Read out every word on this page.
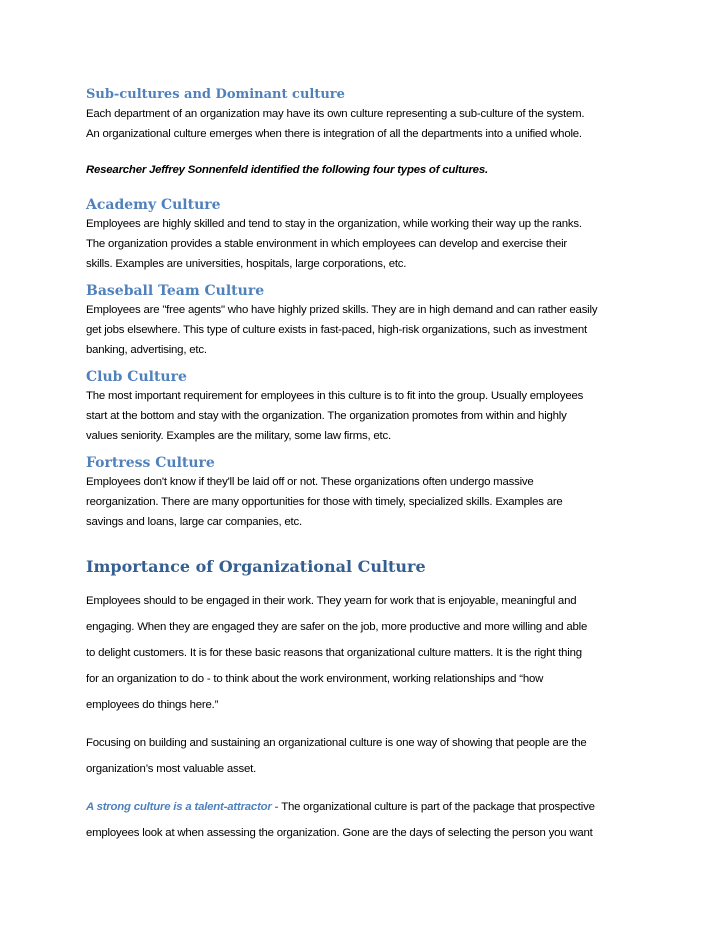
Sub-cultures and Dominant culture

Each department of an organization may have its own culture representing a sub-culture of the system.

An organizational culture emerges when there is integration of all the departments into a unified whole.

Researcher Jeffrey Sonnenfeld identified the following four types of cultures.

Academy Culture

Employees are highly skilled and tend to stay in the organization, while working their way up the ranks.

The organization provides a stable environment in which employees can develop and exercise their

skills. Examples are universities, hospitals, large corporations, etc.

Baseball Team Culture

Employees are "free agents" who have highly prized skills. They are in high demand and can rather easily

get jobs elsewhere. This type of culture exists in fast-paced, high-risk organizations, such as investment

banking, advertising, etc.

Club Culture

The most important requirement for employees in this culture is to fit into the group. Usually employees

start at the bottom and stay with the organization. The organization promotes from within and highly

values seniority. Examples are the military, some law firms, etc.

Fortress Culture

Employees don't know if they'll be laid off or not. These organizations often undergo massive

reorganization. There are many opportunities for those with timely, specialized skills. Examples are

savings and loans, large car companies, etc.

Importance of Organizational Culture

Employees should to be engaged in their work. They yearn for work that is enjoyable, meaningful and

engaging. When they are engaged they are safer on the job, more productive and more willing and able

to delight customers. It is for these basic reasons that organizational culture matters. It is the right thing

for an organization to do - to think about the work environment, working relationships and “how

employees do things here.”

Focusing on building and sustaining an organizational culture is one way of showing that people are the

organization’s most valuable asset.

A strong culture is a talent-attractor - The organizational culture is part of the package that prospective

employees look at when assessing the organization. Gone are the days of selecting the person you want
